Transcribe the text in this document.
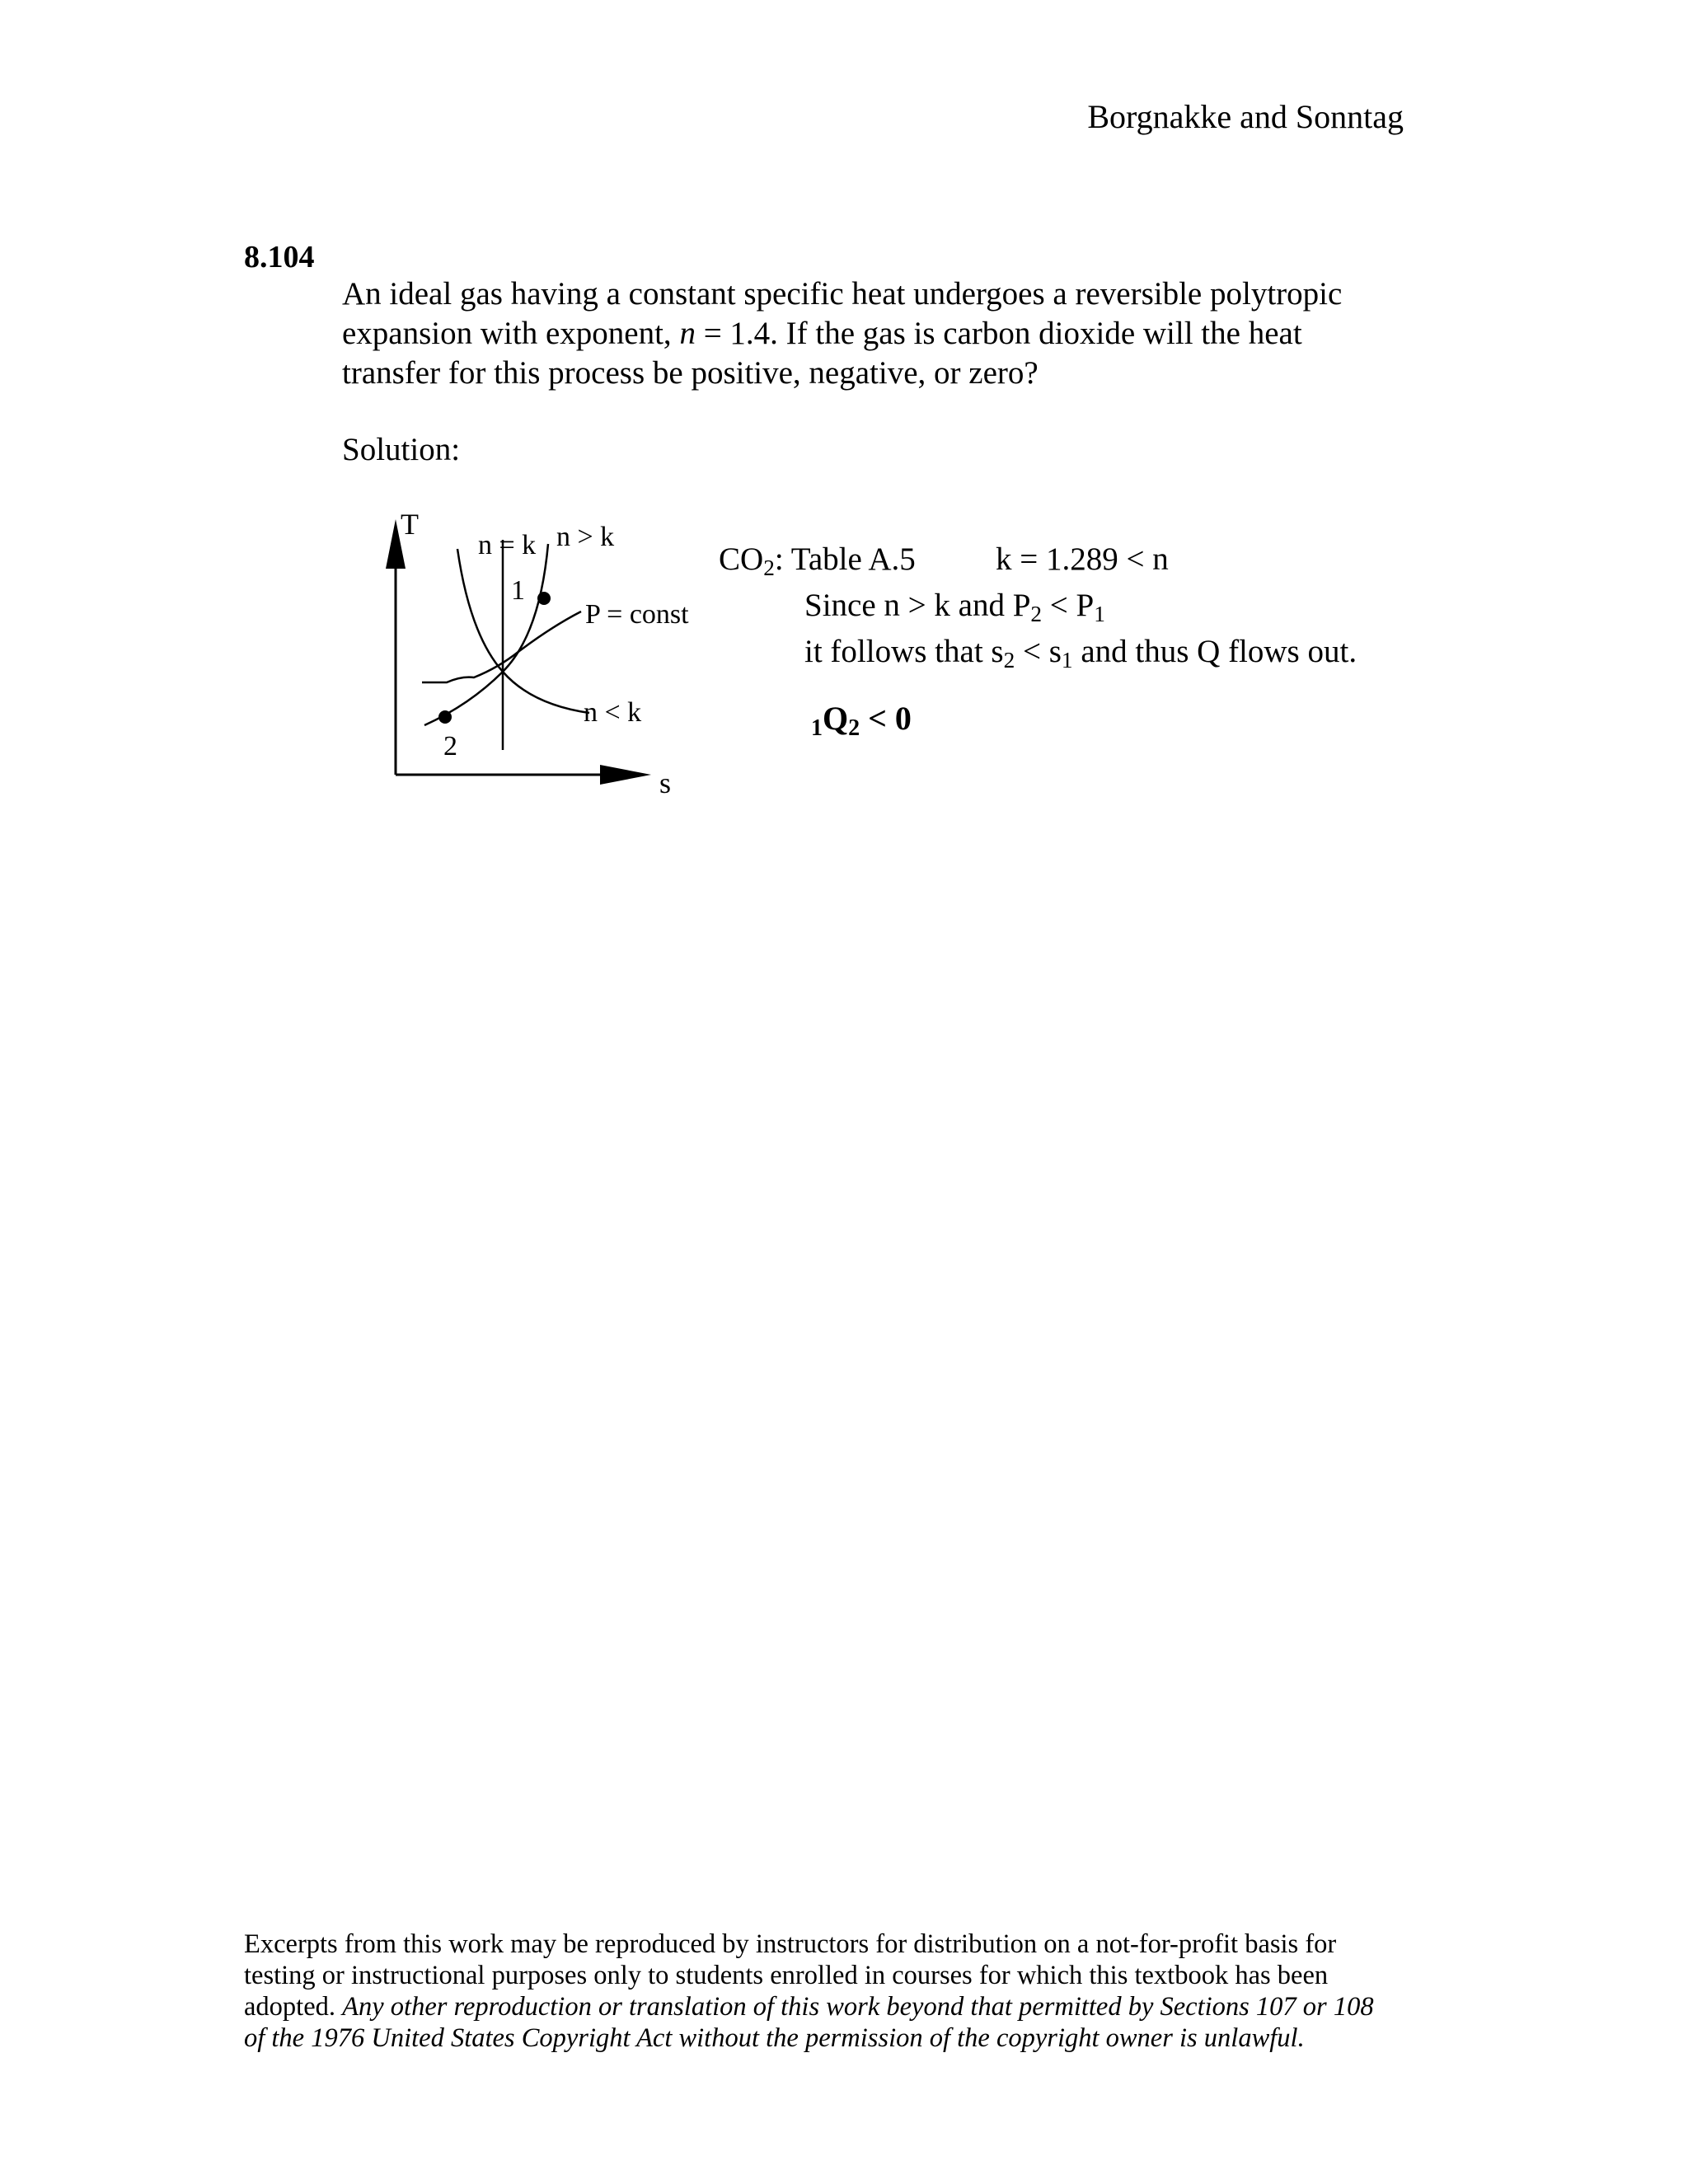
Borgnakke and Sonntag
8.104

An ideal gas having a constant specific heat undergoes a reversible polytropic

expansion with exponent, n = 1.4. If the gas is carbon dioxide will the heat

transfer for this process be positive, negative, or zero?

Solution:
T
s
n = k n > k
1
P = const
n < k
2
$CO_2$: Table A.5 k = 1.289 < n
Since n > k and $P_2 < P_1$
it follows that $s_2 < s_1$ and thus Q flows out.
$_1Q_2 < 0$

Excerpts from this work may be reproduced by instructors for distribution on a not-for-profit basis for

testing or instructional purposes only to students enrolled in courses for which this textbook has been

adopted. Any other reproduction or translation of this work beyond that permitted by Sections 107 or 108

of the 1976 United States Copyright Act without the permission of the copyright owner is unlawful.
